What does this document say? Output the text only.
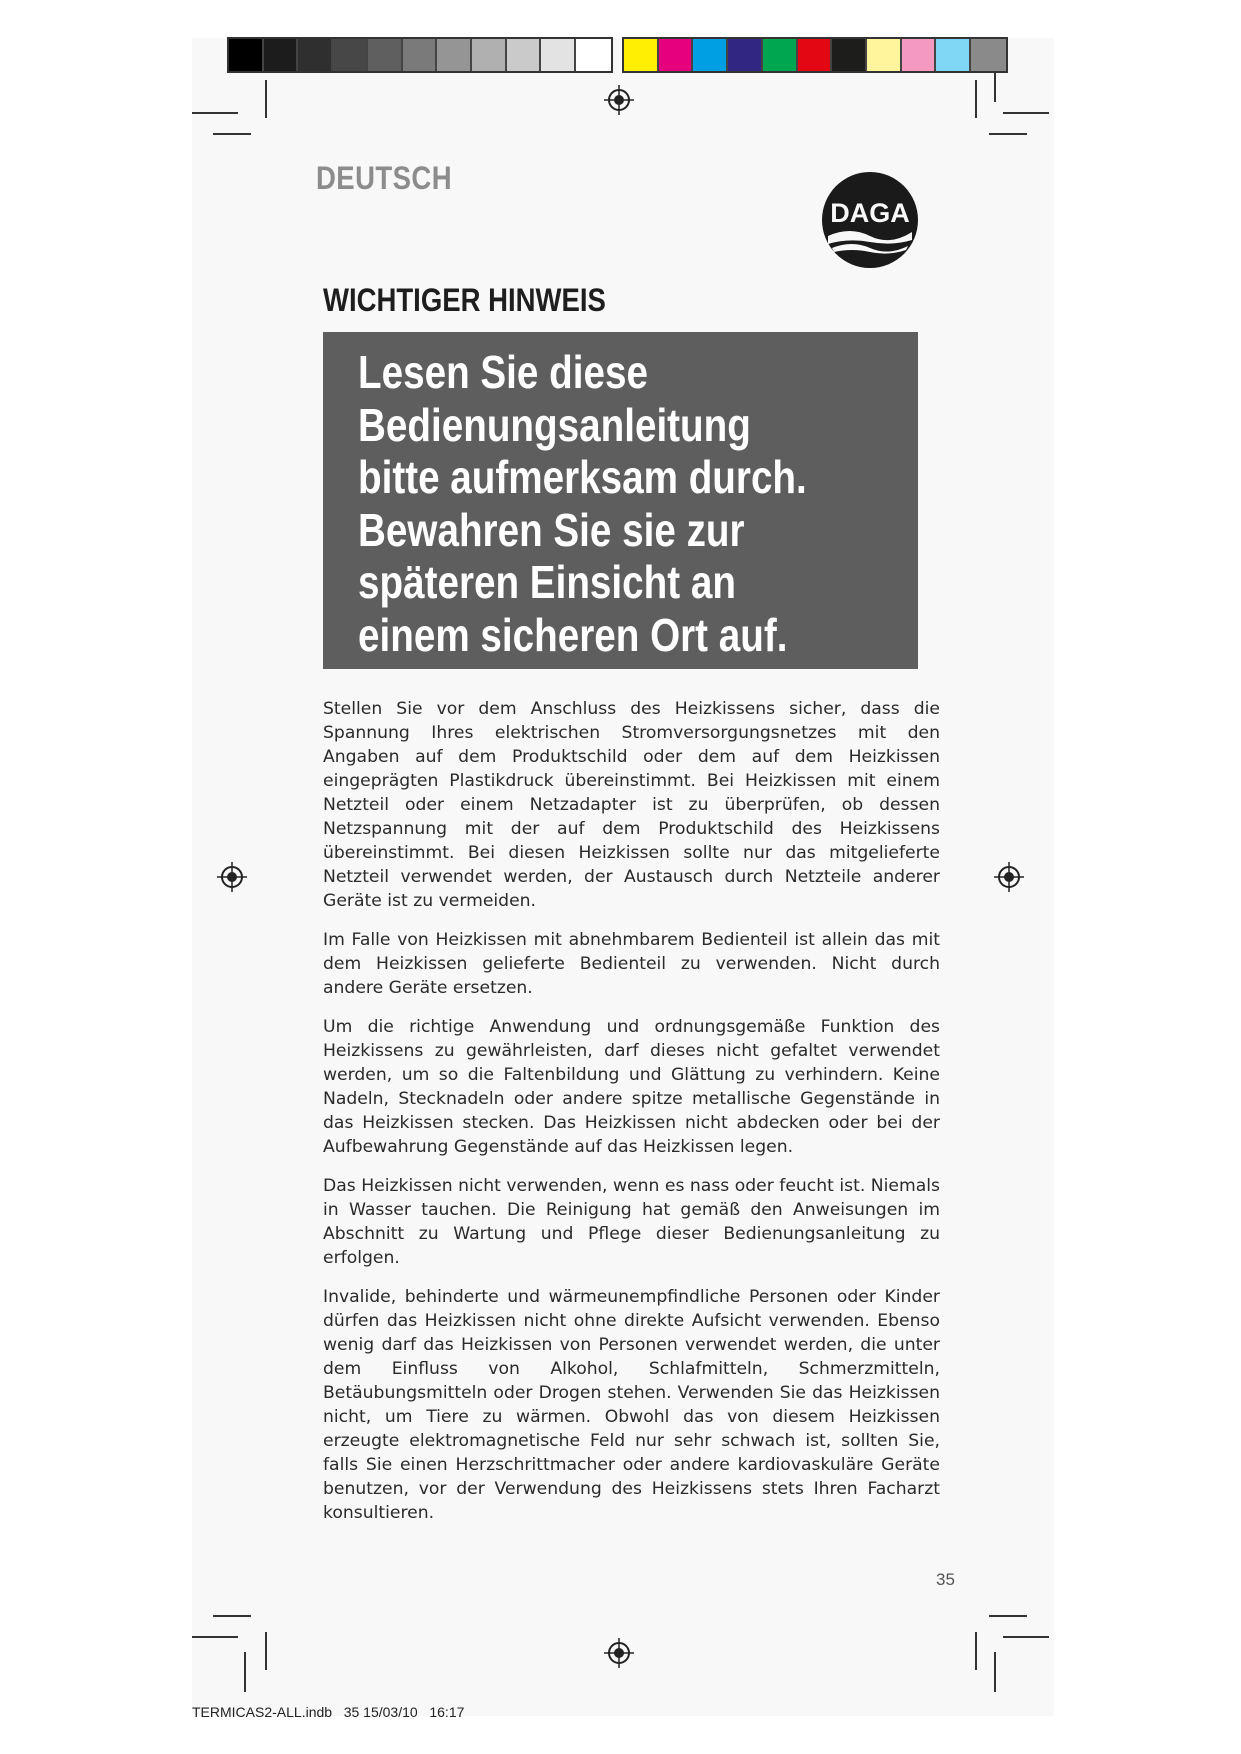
DEUTSCH
DAGA
WICHTIGER HINWEIS

Lesen Sie diese

Bedienungsanleitung

bitte aufmerksam durch.

Bewahren Sie sie zur

späteren Einsicht an

einem sicheren Ort auf.

Stellen Sie vor dem Anschluss des Heizkissens sicher, dass die Spannung Ihres elektrischen Stromversorgungsnetzes mit den Angaben auf dem Produktschild oder dem auf dem Heizkissen eingeprägten Plastikdruck übereinstimmt. Bei Heizkissen mit einem Netzteil oder einem Netzadapter ist zu überprüfen, ob dessen Netzspannung mit der auf dem Produktschild des Heizkissens übereinstimmt. Bei diesen Heizkissen sollte nur das mitgelieferte Netzteil verwendet werden, der Austausch durch Netzteile anderer Geräte ist zu vermeiden.

Im Falle von Heizkissen mit abnehmbarem Bedienteil ist allein das mit dem Heizkissen gelieferte Bedienteil zu verwenden. Nicht durch andere Geräte ersetzen.

Um die richtige Anwendung und ordnungsgemäße Funktion des Heizkissens zu gewährleisten, darf dieses nicht gefaltet verwendet werden, um so die Faltenbildung und Glättung zu verhindern. Keine Nadeln, Stecknadeln oder andere spitze metallische Gegenstände in das Heizkissen stecken. Das Heizkissen nicht abdecken oder bei der Aufbewahrung Gegenstände auf das Heizkissen legen.

Das Heizkissen nicht verwenden, wenn es nass oder feucht ist. Niemals in Wasser tauchen. Die Reinigung hat gemäß den Anweisungen im Abschnitt zu Wartung und Pflege dieser Bedienungsanleitung zu erfolgen.

Invalide, behinderte und wärmeunempfindliche Personen oder Kinder dürfen das Heizkissen nicht ohne direkte Aufsicht verwenden. Ebenso wenig darf das Heizkissen von Personen verwendet werden, die unter dem Einfluss von Alkohol, Schlafmitteln, Schmerzmitteln, Betäubungsmitteln oder Drogen stehen. Verwenden Sie das Heizkissen nicht, um Tiere zu wärmen. Obwohl das von diesem Heizkissen erzeugte elektromagnetische Feld nur sehr schwach ist, sollten Sie, falls Sie einen Herzschrittmacher oder andere kardiovaskuläre Geräte benutzen, vor der Verwendung des Heizkissens stets Ihren Facharzt konsultieren.

35
TERMICAS2-ALL.indb   35 15/03/10   16:17
